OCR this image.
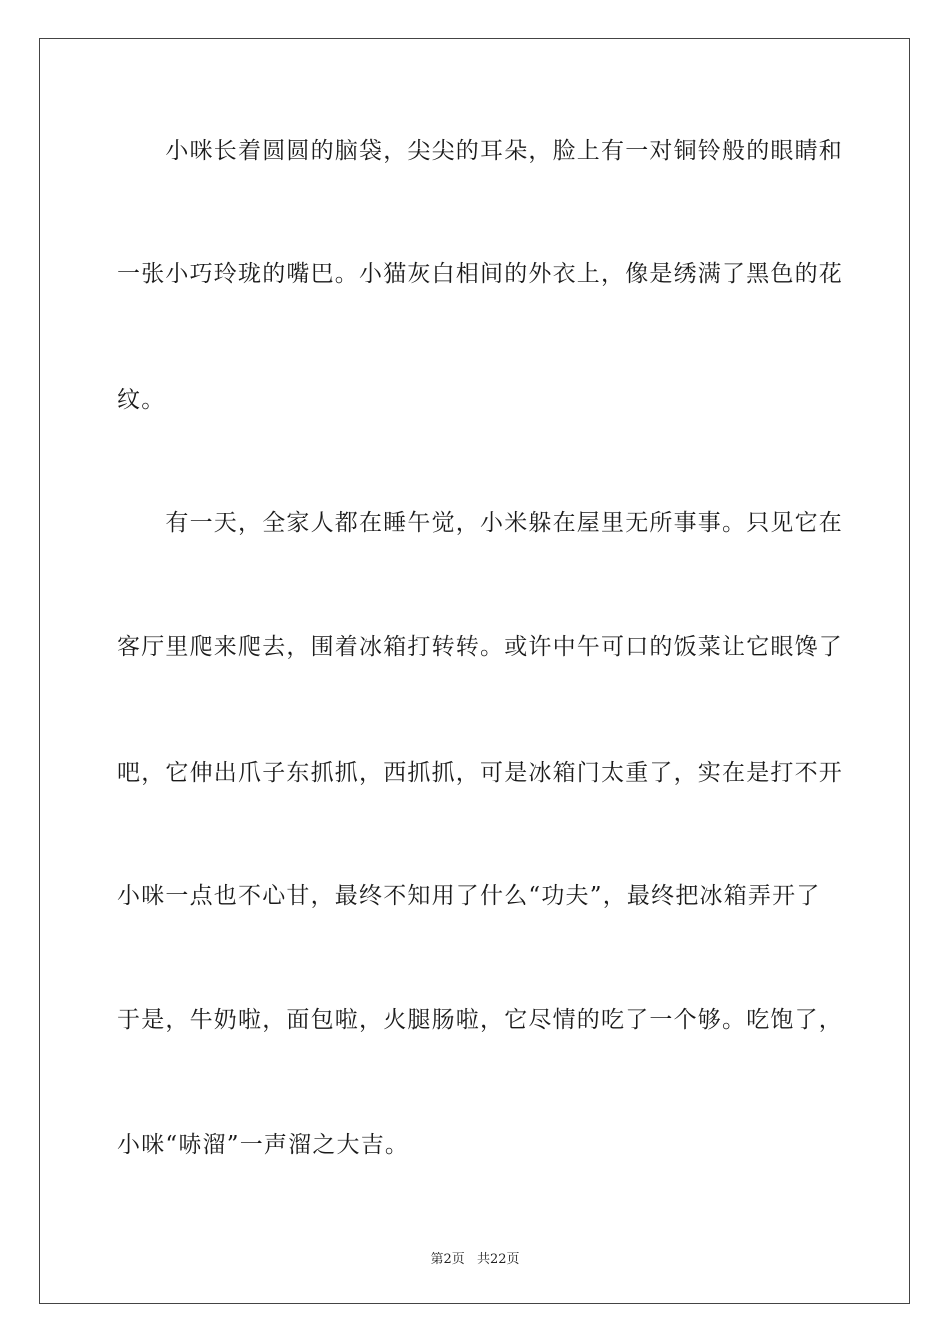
　　小咪长着圆圆的脑袋，尖尖的耳朵，脸上有一对铜铃般的眼睛和
一张小巧玲珑的嘴巴。小猫灰白相间的外衣上，像是绣满了黑色的花
纹。
　　有一天，全家人都在睡午觉，小米躲在屋里无所事事。只见它在
客厅里爬来爬去，围着冰箱打转转。或许中午可口的饭菜让它眼馋了
吧，它伸出爪子东抓抓，西抓抓，可是冰箱门太重了，实在是打不开
小咪一点也不心甘，最终不知用了什么“功夫”，最终把冰箱弄开了
于是，牛奶啦，面包啦，火腿肠啦，它尽情的吃了一个够。吃饱了，
小咪“哧溜”一声溜之大吉。
第2页 共22页
